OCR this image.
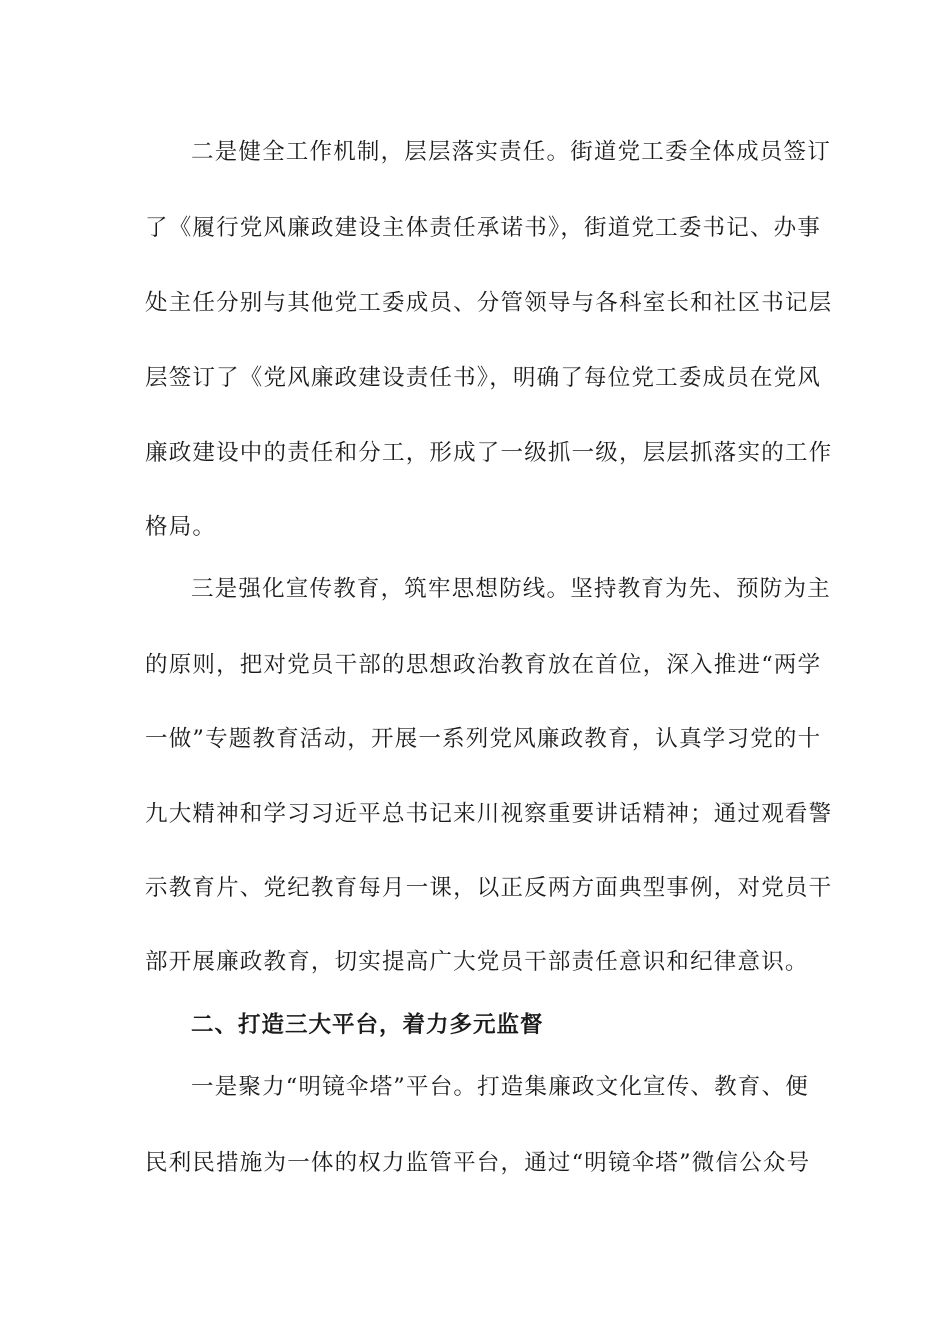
二是健全工作机制，层层落实责任。街道党工委全体成员签订
了《履行党风廉政建设主体责任承诺书》，街道党工委书记、办事
处主任分别与其他党工委成员、分管领导与各科室长和社区书记层
层签订了《党风廉政建设责任书》，明确了每位党工委成员在党风
廉政建设中的责任和分工，形成了一级抓一级，层层抓落实的工作
格局。
三是强化宣传教育，筑牢思想防线。坚持教育为先、预防为主
的原则，把对党员干部的思想政治教育放在首位，深入推进“两学
一做”专题教育活动，开展一系列党风廉政教育，认真学习党的十
九大精神和学习习近平总书记来川视察重要讲话精神；通过观看警
示教育片、党纪教育每月一课，以正反两方面典型事例，对党员干
部开展廉政教育，切实提高广大党员干部责任意识和纪律意识。
二、打造三大平台，着力多元监督
一是聚力“明镜伞塔”平台。打造集廉政文化宣传、教育、便
民利民措施为一体的权力监管平台，通过“明镜伞塔”微信公众号
